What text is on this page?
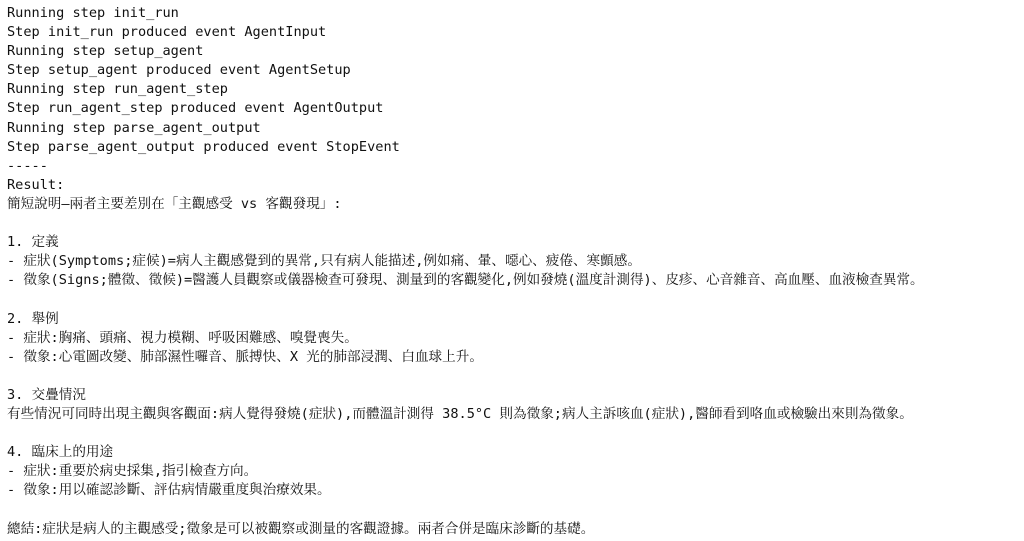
Running step init_run
Step init_run produced event AgentInput
Running step setup_agent
Step setup_agent produced event AgentSetup
Running step run_agent_step
Step run_agent_step produced event AgentOutput
Running step parse_agent_output
Step parse_agent_output produced event StopEvent
-----
Result:
簡短說明—兩者主要差別在「主觀感受 vs 客觀發現」:
1. 定義
- 症狀(Symptoms;症候)=病人主觀感覺到的異常,只有病人能描述,例如痛、暈、噁心、疲倦、寒顫感。
- 徵象(Signs;體徵、徵候)=醫護人員觀察或儀器檢查可發現、測量到的客觀變化,例如發燒(溫度計測得)、皮疹、心音雜音、高血壓、血液檢查異常。
2. 舉例
- 症狀:胸痛、頭痛、視力模糊、呼吸困難感、嗅覺喪失。
- 徵象:心電圖改變、肺部濕性囉音、脈搏快、X 光的肺部浸潤、白血球上升。
3. 交疊情況
有些情況可同時出現主觀與客觀面:病人覺得發燒(症狀),而體溫計測得 38.5°C 則為徵象;病人主訴咳血(症狀),醫師看到咯血或檢驗出來則為徵象。
4. 臨床上的用途
- 症狀:重要於病史採集,指引檢查方向。
- 徵象:用以確認診斷、評估病情嚴重度與治療效果。
總結:症狀是病人的主觀感受;徵象是可以被觀察或測量的客觀證據。兩者合併是臨床診斷的基礎。
